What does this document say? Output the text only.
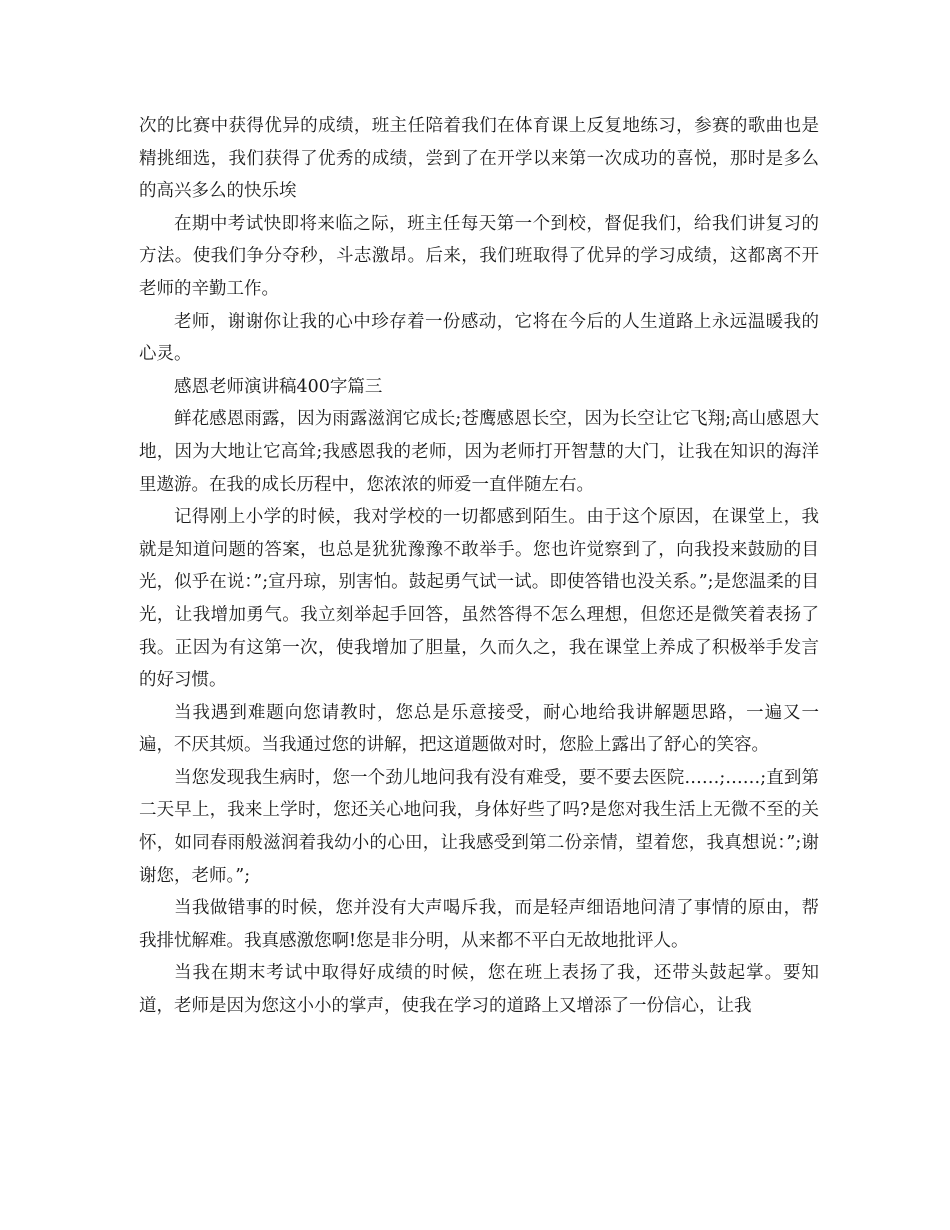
次的比赛中获得优异的成绩，班主任陪着我们在体育课上反复地练习，参赛的歌曲也是精挑细选，我们获得了优秀的成绩，尝到了在开学以来第一次成功的喜悦，那时是多么的高兴多么的快乐埃

在期中考试快即将来临之际，班主任每天第一个到校，督促我们，给我们讲复习的方法。使我们争分夺秒，斗志激昂。后来，我们班取得了优异的学习成绩，这都离不开老师的辛勤工作。

老师，谢谢你让我的心中珍存着一份感动，它将在今后的人生道路上永远温暖我的心灵。

感恩老师演讲稿400字篇三

鲜花感恩雨露，因为雨露滋润它成长;苍鹰感恩长空，因为长空让它飞翔;高山感恩大地，因为大地让它高耸;我感恩我的老师，因为老师打开智慧的大门，让我在知识的海洋里遨游。在我的成长历程中，您浓浓的师爱一直伴随左右。

记得刚上小学的时候，我对学校的一切都感到陌生。由于这个原因，在课堂上，我就是知道问题的答案，也总是犹犹豫豫不敢举手。您也许觉察到了，向我投来鼓励的目光，似乎在说：”;宣丹琼，别害怕。鼓起勇气试一试。即使答错也没关系。”;是您温柔的目光，让我增加勇气。我立刻举起手回答，虽然答得不怎么理想，但您还是微笑着表扬了我。正因为有这第一次，使我增加了胆量，久而久之，我在课堂上养成了积极举手发言的好习惯。

当我遇到难题向您请教时，您总是乐意接受，耐心地给我讲解题思路，一遍又一遍，不厌其烦。当我通过您的讲解，把这道题做对时，您脸上露出了舒心的笑容。

当您发现我生病时，您一个劲儿地问我有没有难受，要不要去医院……;……;直到第二天早上，我来上学时，您还关心地问我，身体好些了吗?是您对我生活上无微不至的关怀，如同春雨般滋润着我幼小的心田，让我感受到第二份亲情，望着您，我真想说：”;谢谢您，老师。”;

当我做错事的时候，您并没有大声喝斥我，而是轻声细语地问清了事情的原由，帮我排忧解难。我真感激您啊!您是非分明，从来都不平白无故地批评人。

当我在期末考试中取得好成绩的时候，您在班上表扬了我，还带头鼓起掌。要知道，老师是因为您这小小的掌声，使我在学习的道路上又增添了一份信心，让我
